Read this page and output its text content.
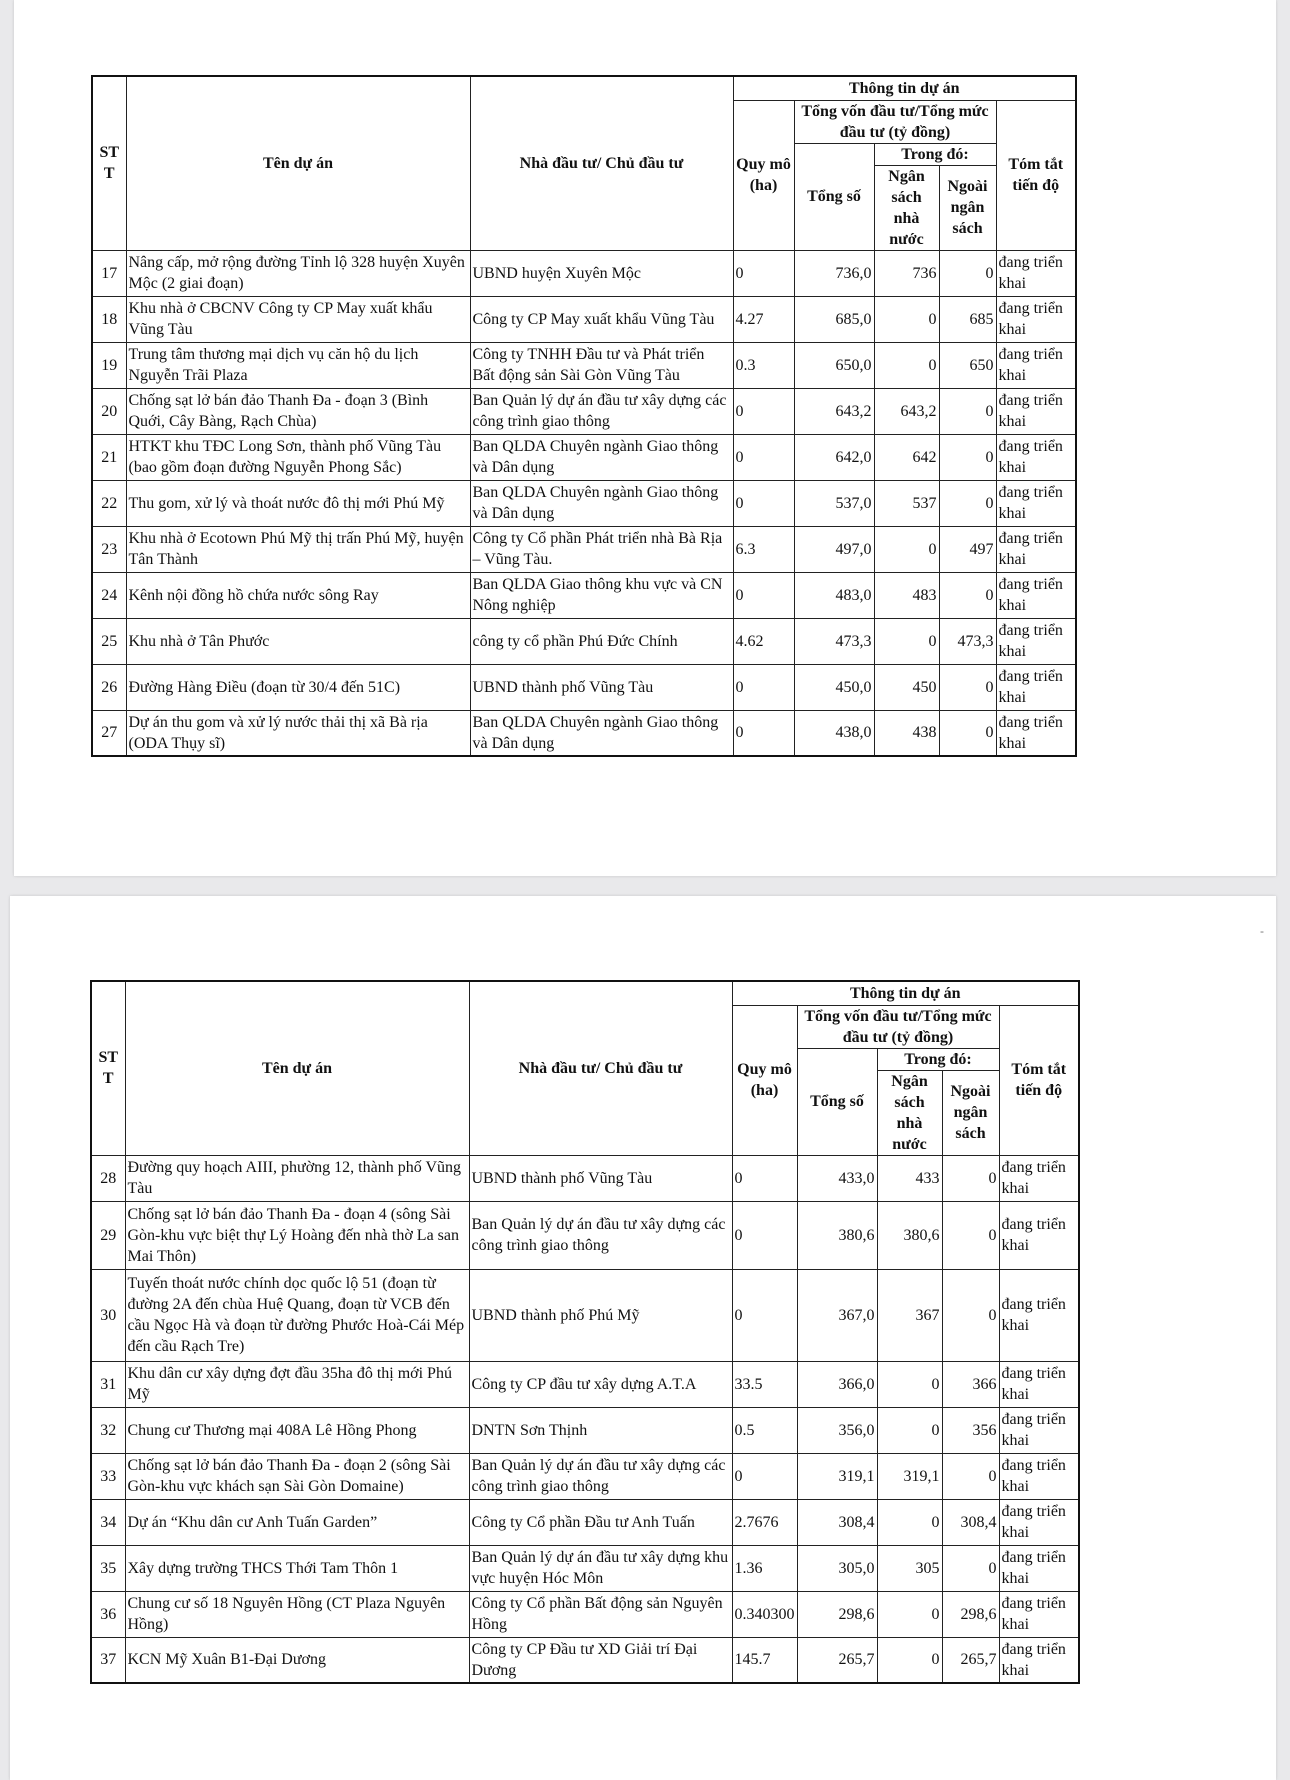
ST T	Tên dự án	Nhà đầu tư/ Chủ đầu tư	Thông tin dự án				
			Quy mô (ha)	Tổng vốn đầu tư/Tổng mức đầu tư (tỷ đồng)			Tóm tắt tiến độ
				Tổng số	Trong đó:		
					Ngân sách nhà nước	Ngoài ngân sách	
17	Nâng cấp, mở rộng đường Tỉnh lộ 328 huyện Xuyên Mộc (2 giai đoạn)	UBND huyện Xuyên Mộc	0	736,0	736	0	đang triển khai
18	Khu nhà ở CBCNV Công ty CP May xuất khẩu Vũng Tàu	Công ty CP May xuất khẩu Vũng Tàu	4.27	685,0	0	685	đang triển khai
19	Trung tâm thương mại dịch vụ căn hộ du lịch Nguyễn Trãi Plaza	Công ty TNHH Đầu tư và Phát triển Bất động sản Sài Gòn Vũng Tàu	0.3	650,0	0	650	đang triển khai
20	Chống sạt lở bán đảo Thanh Đa - đoạn 3 (Bình Quới, Cây Bàng, Rạch Chùa)	Ban Quản lý dự án đầu tư xây dựng các công trình giao thông	0	643,2	643,2	0	đang triển khai
21	HTKT khu TĐC Long Sơn, thành phố Vũng Tàu (bao gồm đoạn đường Nguyễn Phong Sắc)	Ban QLDA Chuyên ngành Giao thông và Dân dụng	0	642,0	642	0	đang triển khai
22	Thu gom, xử lý và thoát nước đô thị mới Phú Mỹ	Ban QLDA Chuyên ngành Giao thông và Dân dụng	0	537,0	537	0	đang triển khai
23	Khu nhà ở Ecotown Phú Mỹ thị trấn Phú Mỹ, huyện Tân Thành	Công ty Cổ phần Phát triển nhà Bà Rịa – Vũng Tàu.	6.3	497,0	0	497	đang triển khai
24	Kênh nội đồng hồ chứa nước sông Ray	Ban QLDA Giao thông khu vực và CN Nông nghiệp	0	483,0	483	0	đang triển khai
25	Khu nhà ở Tân Phước	công ty cổ phần Phú Đức Chính	4.62	473,3	0	473,3	đang triển khai
26	Đường Hàng Điều (đoạn từ 30/4 đến 51C)	UBND thành phố Vũng Tàu	0	450,0	450	0	đang triển khai
27	Dự án thu gom và xử lý nước thải thị xã Bà rịa (ODA Thụy sĩ)	Ban QLDA Chuyên ngành Giao thông và Dân dụng	0	438,0	438	0	đang triển khai
-
ST T	Tên dự án	Nhà đầu tư/ Chủ đầu tư	Thông tin dự án				
			Quy mô (ha)	Tổng vốn đầu tư/Tổng mức đầu tư (tỷ đồng)			Tóm tắt tiến độ
				Tổng số	Trong đó:		
					Ngân sách nhà nước	Ngoài ngân sách	
28	Đường quy hoạch AIII, phường 12, thành phố Vũng Tàu	UBND thành phố Vũng Tàu	0	433,0	433	0	đang triển khai
29	Chống sạt lở bán đảo Thanh Đa - đoạn 4 (sông Sài Gòn-khu vực biệt thự Lý Hoàng đến nhà thờ La san Mai Thôn)	Ban Quản lý dự án đầu tư xây dựng các công trình giao thông	0	380,6	380,6	0	đang triển khai
30	Tuyến thoát nước chính dọc quốc lộ 51 (đoạn từ đường 2A đến chùa Huệ Quang, đoạn từ VCB đến cầu Ngọc Hà và đoạn từ đường Phước Hoà-Cái Mép đến cầu Rạch Tre)	UBND thành phố Phú Mỹ	0	367,0	367	0	đang triển khai
31	Khu dân cư xây dựng đợt đầu 35ha đô thị mới Phú Mỹ	Công ty CP đầu tư xây dựng A.T.A	33.5	366,0	0	366	đang triển khai
32	Chung cư Thương mại 408A Lê Hồng Phong	DNTN Sơn Thịnh	0.5	356,0	0	356	đang triển khai
33	Chống sạt lở bán đảo Thanh Đa - đoạn 2 (sông Sài Gòn-khu vực khách sạn Sài Gòn Domaine)	Ban Quản lý dự án đầu tư xây dựng các công trình giao thông	0	319,1	319,1	0	đang triển khai
34	Dự án “Khu dân cư Anh Tuấn Garden”	Công ty Cổ phần Đầu tư Anh Tuấn	2.7676	308,4	0	308,4	đang triển khai
35	Xây dựng trường THCS Thới Tam Thôn 1	Ban Quản lý dự án đầu tư xây dựng khu vực huyện Hóc Môn	1.36	305,0	305	0	đang triển khai
36	Chung cư số 18 Nguyên Hồng (CT Plaza Nguyên Hồng)	Công ty Cổ phần Bất động sản Nguyên Hồng	0.340300	298,6	0	298,6	đang triển khai
37	KCN Mỹ Xuân B1-Đại Dương	Công ty CP Đầu tư XD Giải trí Đại Dương	145.7	265,7	0	265,7	đang triển khai
